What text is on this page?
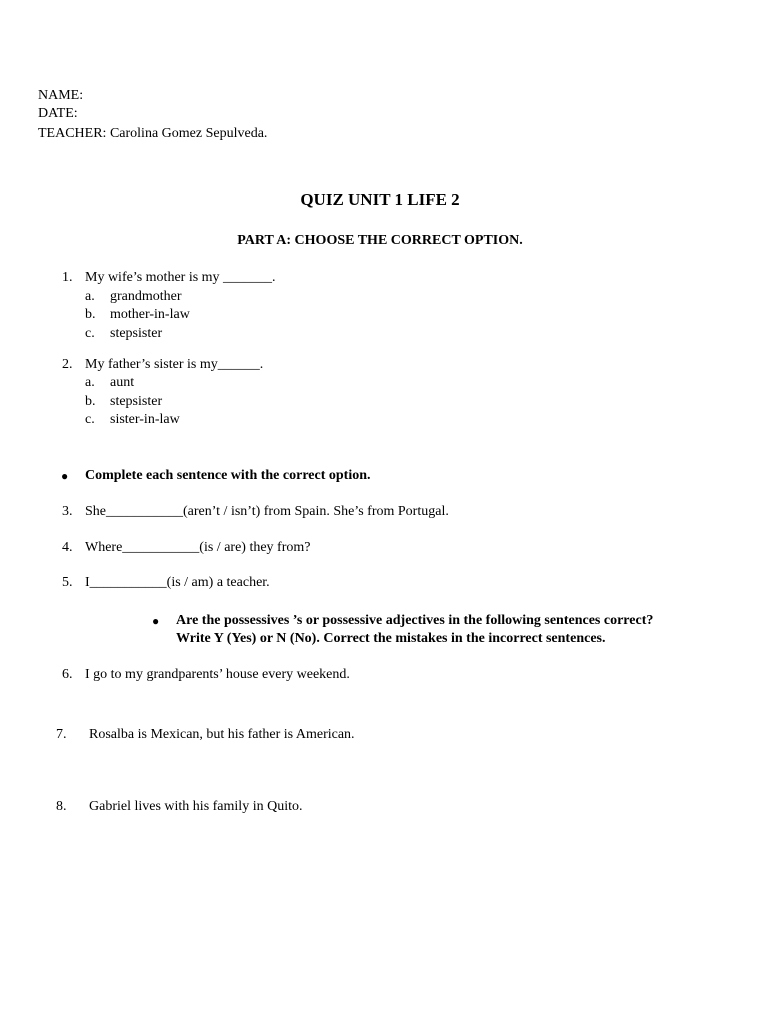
NAME:
DATE:
TEACHER: Carolina Gomez Sepulveda.
QUIZ UNIT 1 LIFE 2
PART A: CHOOSE THE CORRECT OPTION.
1. My wife’s mother is my _______.
a. grandmother
b. mother-in-law
c. stepsister
2. My father’s sister is my______.
a. aunt
b. stepsister
c. sister-in-law
● Complete each sentence with the correct option.
3. She___________(aren’t / isn’t) from Spain. She’s from Portugal.
4. Where___________(is / are) they from?
5. I___________(is / am) a teacher.
● Are the possessives ’s or possessive adjectives in the following sentences correct?
Write Y (Yes) or N (No). Correct the mistakes in the incorrect sentences.
6. I go to my grandparents’ house every weekend.
7. Rosalba is Mexican, but his father is American.
8. Gabriel lives with his family in Quito.
